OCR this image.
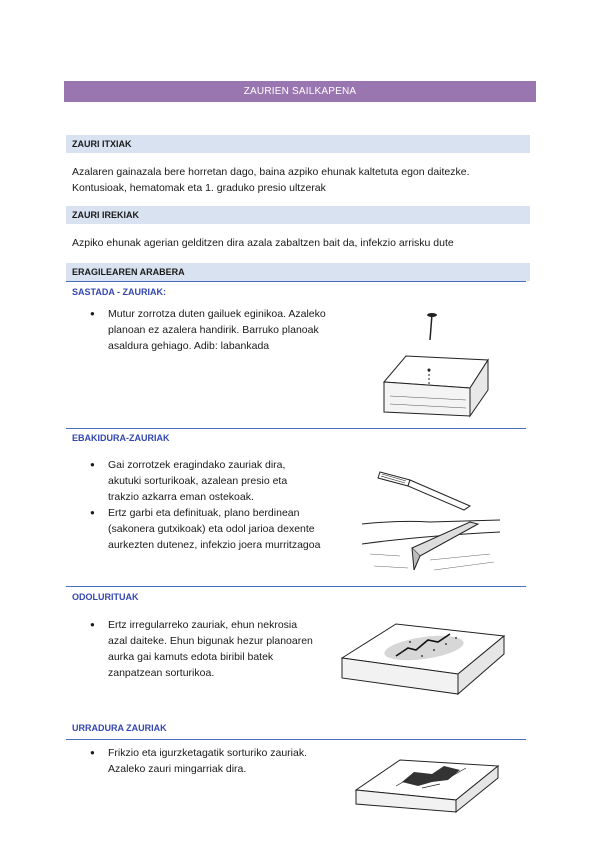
ZAURIEN SAILKAPENA
ZAURI ITXIAK
Azalaren gainazala bere horretan dago, baina azpiko ehunak kaltetuta egon daitezke.
Kontusioak, hematomak eta 1. graduko presio ultzerak
ZAURI IREKIAK
Azpiko ehunak agerian gelditzen dira azala zabaltzen bait da, infekzio arrisku dute
ERAGILEAREN ARABERA
SASTADA - ZAURIAK:
● Mutur zorrotza duten gailuek eginikoa. Azaleko
planoan ez azalera handirik. Barruko planoak
asaldura gehiago. Adib: labankada
EBAKIDURA-ZAURIAK
● Gai zorrotzek eragindako zauriak dira,
akutuki sorturikoak, azalean presio eta
trakzio azkarra eman ostekoak.
● Ertz garbi eta definituak, plano berdinean
(sakonera gutxikoak) eta odol jarioa dexente
aurkezten dutenez, infekzio joera murritzagoa
ODOLURITUAK
● Ertz irregularreko zauriak, ehun nekrosia
azal daiteke. Ehun bigunak hezur planoaren
aurka gai kamuts edota biribil batek
zanpatzean sorturikoa.
URRADURA ZAURIAK
● Frikzio eta igurzketagatik sorturiko zauriak.
Azaleko zauri mingarriak dira.
